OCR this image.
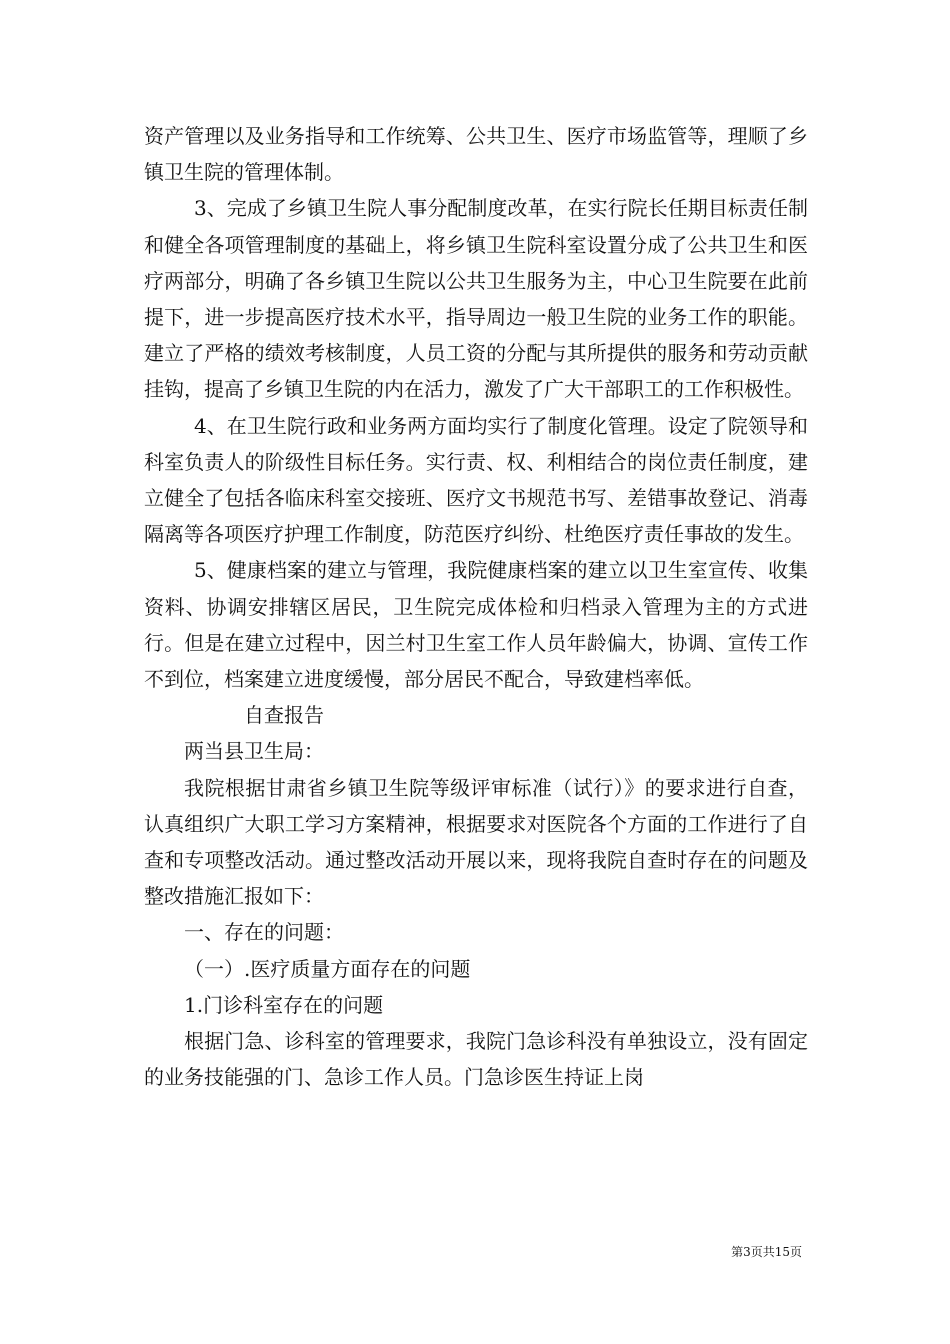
资产管理以及业务指导和工作统筹、公共卫生、医疗市场监管等，理顺了乡镇卫生院的管理体制。

3、完成了乡镇卫生院人事分配制度改革，在实行院长任期目标责任制和健全各项管理制度的基础上，将乡镇卫生院科室设置分成了公共卫生和医疗两部分，明确了各乡镇卫生院以公共卫生服务为主，中心卫生院要在此前提下，进一步提高医疗技术水平，指导周边一般卫生院的业务工作的职能。建立了严格的绩效考核制度，人员工资的分配与其所提供的服务和劳动贡献挂钩，提高了乡镇卫生院的内在活力，激发了广大干部职工的工作积极性。

4、在卫生院行政和业务两方面均实行了制度化管理。设定了院领导和科室负责人的阶级性目标任务。实行责、权、利相结合的岗位责任制度，建立健全了包括各临床科室交接班、医疗文书规范书写、差错事故登记、消毒隔离等各项医疗护理工作制度，防范医疗纠纷、杜绝医疗责任事故的发生。

5、健康档案的建立与管理，我院健康档案的建立以卫生室宣传、收集资料、协调安排辖区居民，卫生院完成体检和归档录入管理为主的方式进行。但是在建立过程中，因兰村卫生室工作人员年龄偏大，协调、宣传工作不到位，档案建立进度缓慢，部分居民不配合，导致建档率低。

自查报告

两当县卫生局：

我院根据甘肃省乡镇卫生院等级评审标准（试行）》的要求进行自查，认真组织广大职工学习方案精神，根据要求对医院各个方面的工作进行了自查和专项整改活动。通过整改活动开展以来，现将我院自查时存在的问题及整改措施汇报如下：

一、存在的问题：

（一）.医疗质量方面存在的问题

1.门诊科室存在的问题

根据门急、诊科室的管理要求，我院门急诊科没有单独设立，没有固定的业务技能强的门、急诊工作人员。门急诊医生持证上岗

第3页共15页
